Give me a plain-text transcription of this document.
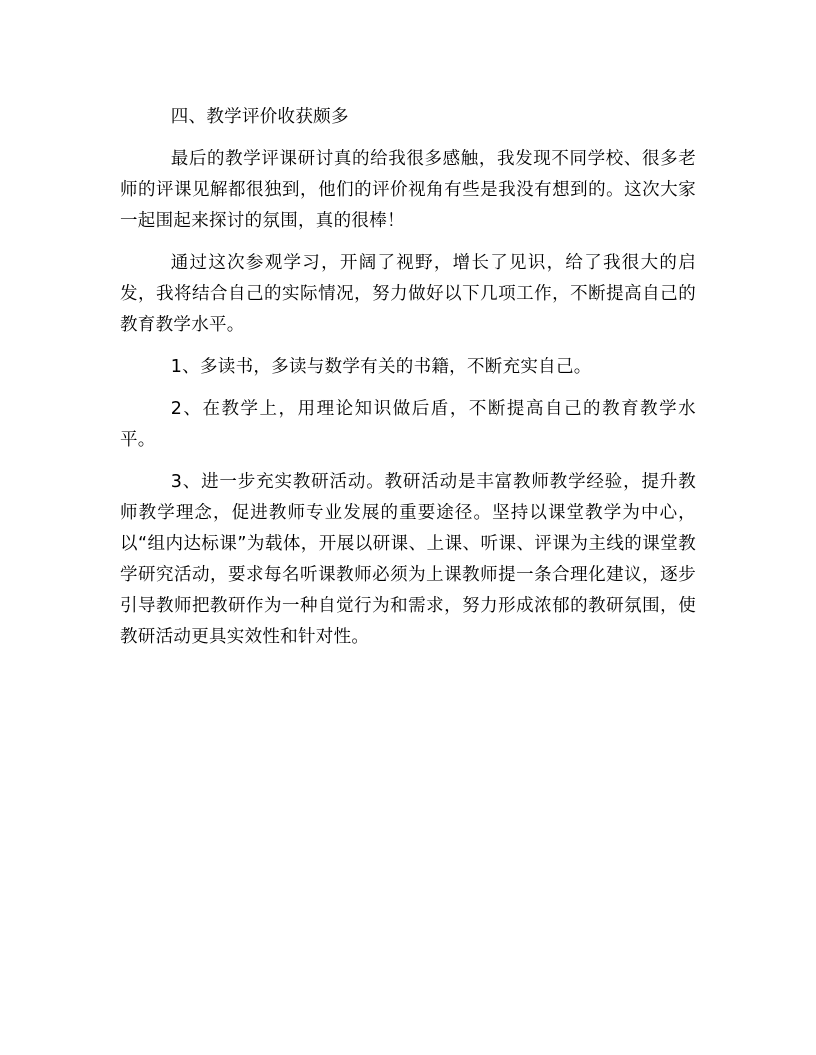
四、教学评价收获颇多

最后的教学评课研讨真的给我很多感触，我发现不同学校、很多老师的评课见解都很独到，他们的评价视角有些是我没有想到的。这次大家一起围起来探讨的氛围，真的很棒！

通过这次参观学习，开阔了视野，增长了见识，给了我很大的启发，我将结合自己的实际情况，努力做好以下几项工作，不断提高自己的教育教学水平。

1、多读书，多读与数学有关的书籍，不断充实自己。

2、在教学上，用理论知识做后盾，不断提高自己的教育教学水平。

3、进一步充实教研活动。教研活动是丰富教师教学经验，提升教师教学理念，促进教师专业发展的重要途径。坚持以课堂教学为中心，以“组内达标课”为载体，开展以研课、上课、听课、评课为主线的课堂教学研究活动，要求每名听课教师必须为上课教师提一条合理化建议，逐步引导教师把教研作为一种自觉行为和需求，努力形成浓郁的教研氛围，使教研活动更具实效性和针对性。
